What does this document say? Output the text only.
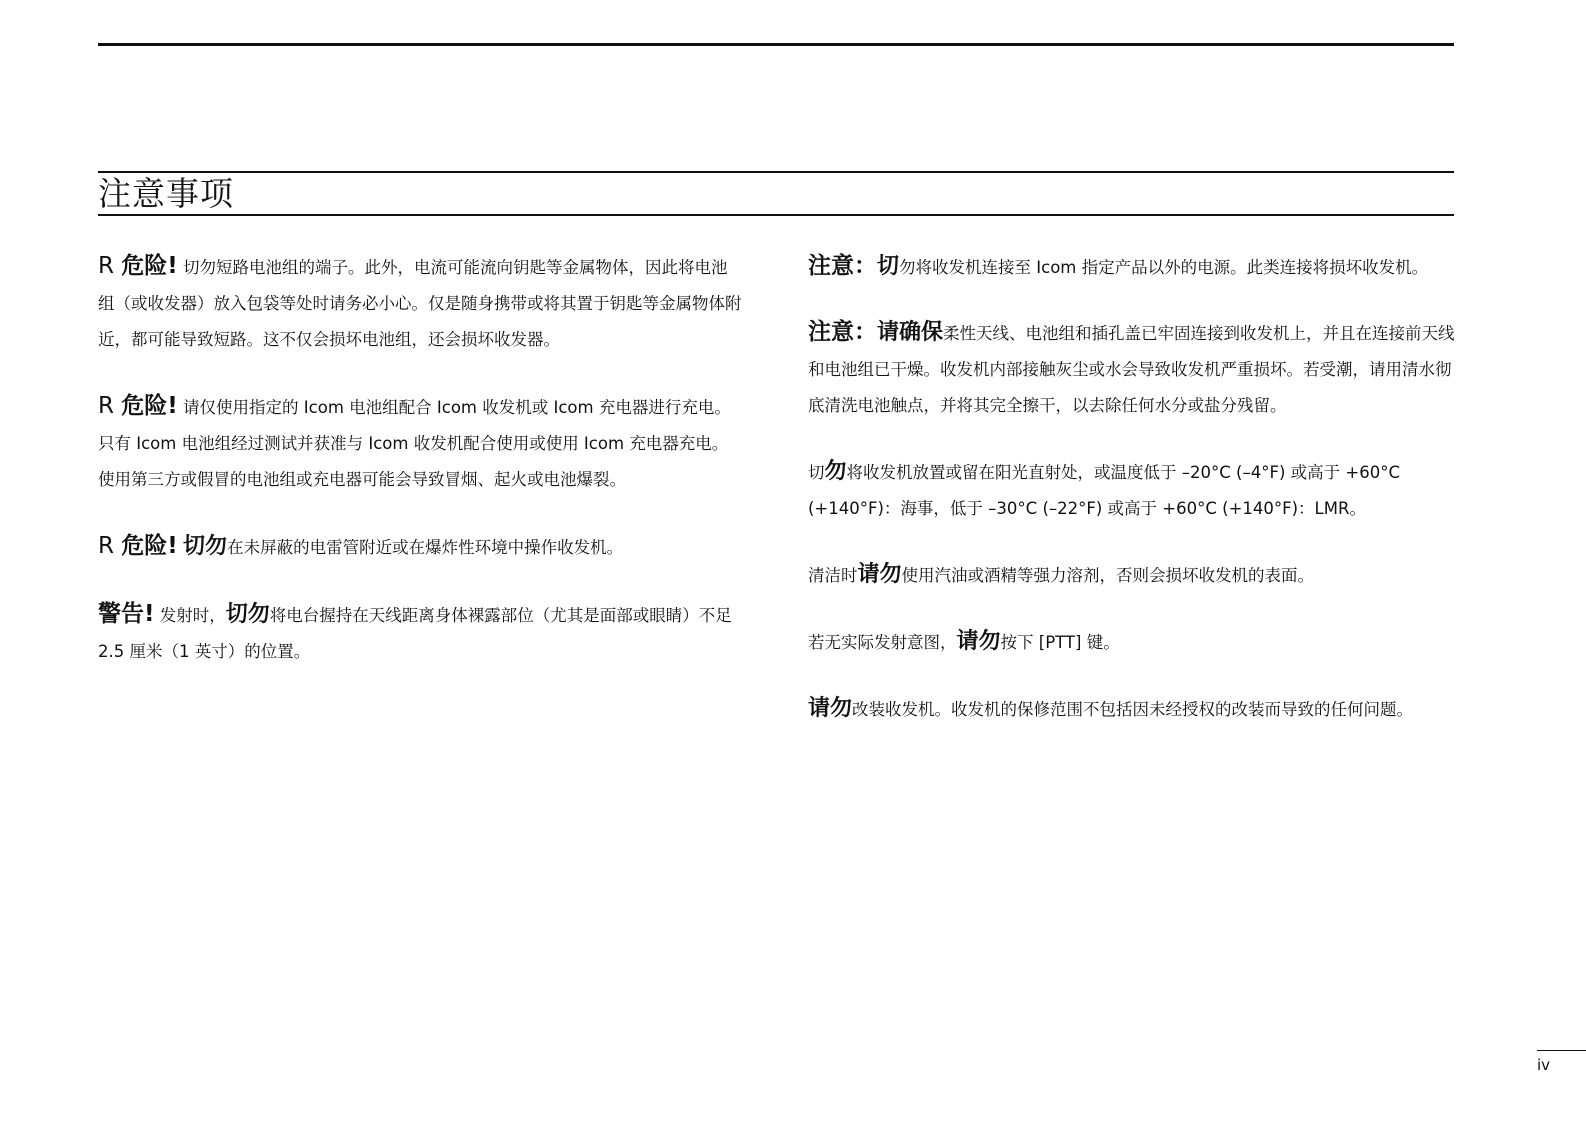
注意事项

R 危险! 切勿短路电池组的端子。此外，电流可能流向钥匙等金属物体，因此将电池组（或收发器）放入包袋等处时请务必小心。仅是随身携带或将其置于钥匙等金属物体附近，都可能导致短路。这不仅会损坏电池组，还会损坏收发器。

R 危险! 请仅使用指定的 Icom 电池组配合 Icom 收发机或 Icom 充电器进行充电。只有 Icom 电池组经过测试并获准与 Icom 收发机配合使用或使用 Icom 充电器充电。使用第三方或假冒的电池组或充电器可能会导致冒烟、起火或电池爆裂。

R 危险! 切勿在未屏蔽的电雷管附近或在爆炸性环境中操作收发机。

警告! 发射时，切勿将电台握持在天线距离身体裸露部位（尤其是面部或眼睛）不足 2.5 厘米（1 英寸）的位置。

注意：切勿将收发机连接至 Icom 指定产品以外的电源。此类连接将损坏收发机。

注意：请确保柔性天线、电池组和插孔盖已牢固连接到收发机上，并且在连接前天线和电池组已干燥。收发机内部接触灰尘或水会导致收发机严重损坏。若受潮，请用清水彻底清洗电池触点，并将其完全擦干，以去除任何水分或盐分残留。

切勿将收发机放置或留在阳光直射处，或温度低于 –20°C (–4°F) 或高于 +60°C (+140°F)：海事，低于 –30°C (–22°F) 或高于 +60°C (+140°F)：LMR。

清洁时请勿使用汽油或酒精等强力溶剂，否则会损坏收发机的表面。

若无实际发射意图，请勿按下 [PTT] 键。

请勿改装收发机。收发机的保修范围不包括因未经授权的改装而导致的任何问题。

iv
